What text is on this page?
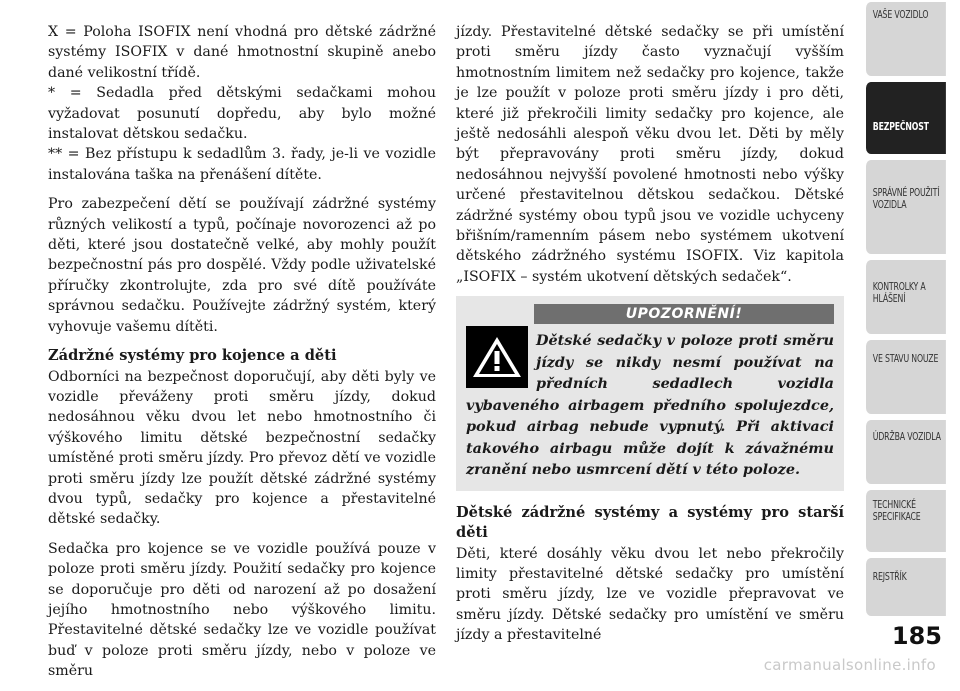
X = Poloha ISOFIX není vhodná pro dětské zádržné systémy ISOFIX v dané hmotnostní skupině anebo dané velikostní třídě.

* = Sedadla před dětskými sedačkami mohou vyžadovat posunutí dopředu, aby bylo možné instalovat dětskou sedačku.

** = Bez přístupu k sedadlům 3. řady, je-li ve vozidle instalována taška na přenášení dítěte.

Pro zabezpečení dětí se používají zádržné systémy různých velikostí a typů, počínaje novorozenci až po děti, které jsou dostatečně velké, aby mohly použít bezpečnostní pás pro dospělé. Vždy podle uživatelské příručky zkontrolujte, zda pro své dítě používáte správnou sedačku. Používejte zádržný systém, který vyhovuje vašemu dítěti.

Zádržné systémy pro kojence a děti

Odborníci na bezpečnost doporučují, aby děti byly ve vozidle převáženy proti směru jízdy, dokud nedosáhnou věku dvou let nebo hmotnostního či výškového limitu dětské bezpečnostní sedačky umístěné proti směru jízdy. Pro převoz dětí ve vozidle proti směru jízdy lze použít dětské zádržné systémy dvou typů, sedačky pro kojence a přestavitelné dětské sedačky.

Sedačka pro kojence se ve vozidle používá pouze v poloze proti směru jízdy. Použití sedačky pro kojence se doporučuje pro děti od narození až po dosažení jejího hmotnostního nebo výškového limitu. Přestavitelné dětské sedačky lze ve vozidle používat buď v poloze proti směru jízdy, nebo v poloze ve směru

jízdy. Přestavitelné dětské sedačky se při umístění proti směru jízdy často vyznačují vyšším hmotnostním limitem než sedačky pro kojence, takže je lze použít v poloze proti směru jízdy i pro děti, které již překročili limity sedačky pro kojence, ale ještě nedosáhli alespoň věku dvou let. Děti by měly být přepravovány proti směru jízdy, dokud nedosáhnou nejvyšší povolené hmotnosti nebo výšky určené přestavitelnou dětskou sedačkou. Dětské zádržné systémy obou typů jsou ve vozidle uchyceny břišním/ramenním pásem nebo systémem ukotvení dětského zádržného systému ISOFIX. Viz kapitola „ISOFIX – systém ukotvení dětských sedaček“.

UPOZORNĚNÍ!
Dětské sedačky v poloze proti směru jízdy se nikdy nesmí používat na předních sedadlech vozidla vybaveného airbagem předního spolujezdce, pokud airbag nebude vypnutý. Při aktivaci takového airbagu může dojít k závažnému zranění nebo usmrcení dětí v této poloze.

Dětské zádržné systémy a systémy pro starší děti

Děti, které dosáhly věku dvou let nebo překročily limity přestavitelné dětské sedačky pro umístění proti směru jízdy, lze ve vozidle přepravovat ve směru jízdy. Dětské sedačky pro umístění ve směru jízdy a přestavitelné

VAŠE VOZIDLO
BEZPEČNOST
SPRÁVNÉ POUŽITÍ VOZIDLA
KONTROLKY A HLÁŠENÍ
VE STAVU NOUZE
ÚDRŽBA VOZIDLA
TECHNICKÉ SPECIFIKACE
REJSTŘÍK
185
carmanualsonline.info
